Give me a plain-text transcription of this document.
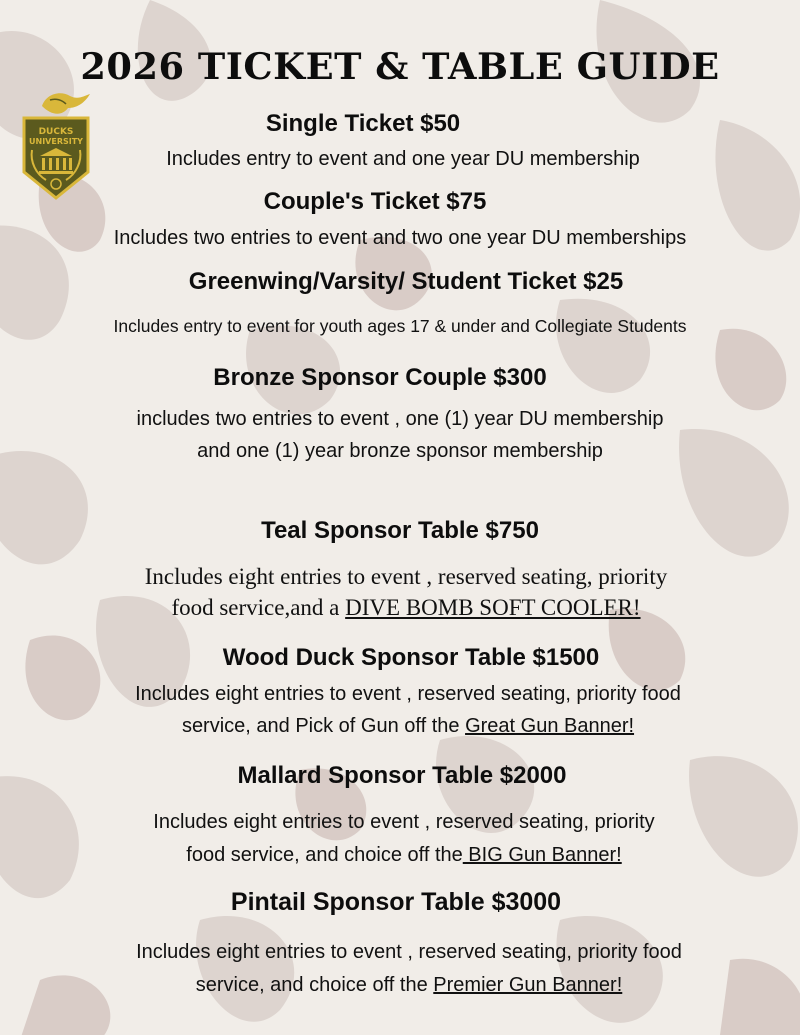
2026 TICKET & TABLE GUIDE
DUCKS
UNIVERSITY
Single Ticket $50
Includes entry to event and one year DU membership
Couple's Ticket $75
Includes two entries to event and two one year DU memberships
Greenwing/Varsity/ Student Ticket $25
Includes entry to event for youth ages 17 & under and Collegiate Students
Bronze Sponsor Couple $300
includes two entries to event , one (1) year DU membership
and one (1) year bronze sponsor membership
Teal Sponsor Table $750
Includes eight entries to event , reserved seating, priority
food service,and a DIVE BOMB SOFT COOLER!
Wood Duck Sponsor Table $1500
Includes eight entries to event , reserved seating, priority food
service, and Pick of Gun off the Great Gun Banner!
Mallard Sponsor Table $2000
Includes eight entries to event , reserved seating, priority
food service, and choice off the BIG Gun Banner!
Pintail Sponsor Table $3000
Includes eight entries to event , reserved seating, priority food
service, and choice off the Premier Gun Banner!
